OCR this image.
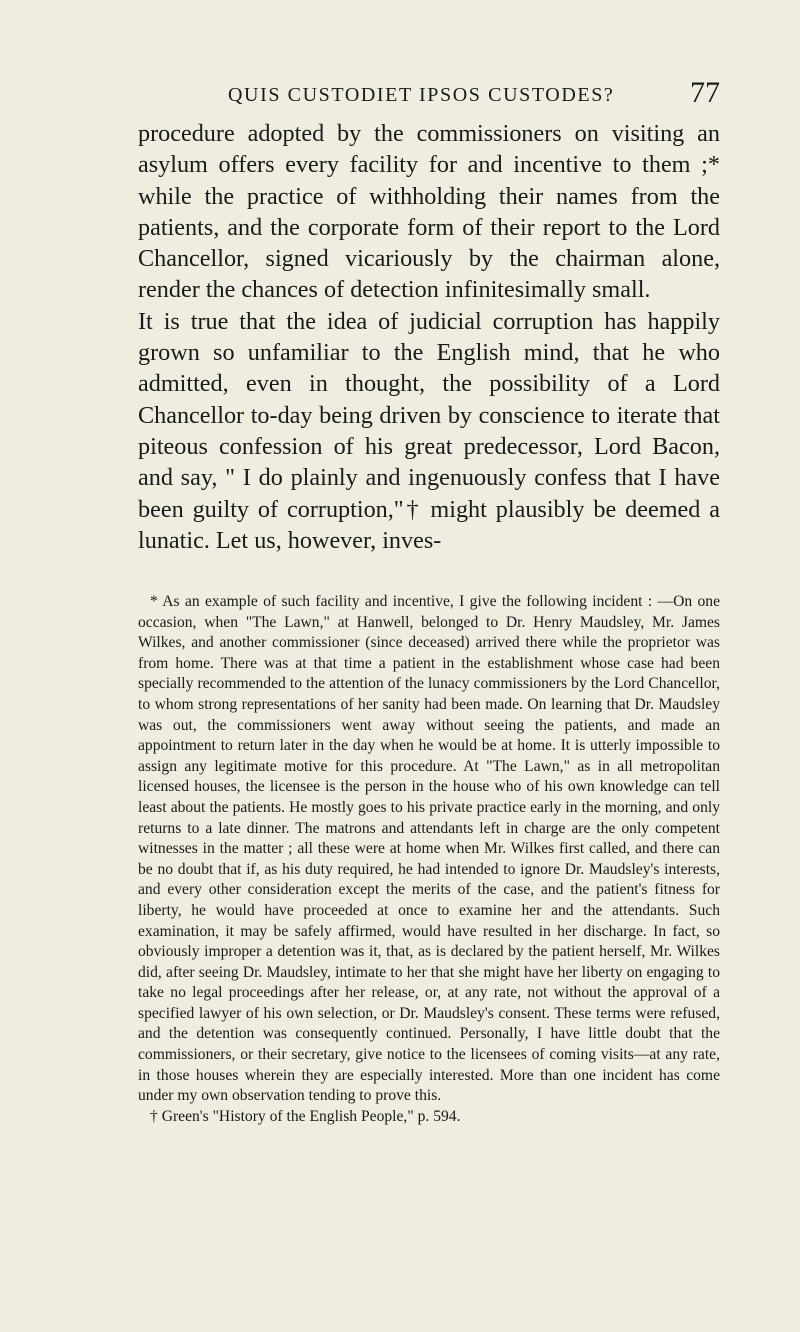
QUIS CUSTODIET IPSOS CUSTODES?	77

procedure adopted by the commissioners on visiting an asylum offers every facility for and incentive to them ;* while the practice of withholding their names from the patients, and the corporate form of their report to the Lord Chancellor, signed vicariously by the chairman alone, render the chances of detection infinitesimally small.

It is true that the idea of judicial corruption has happily grown so unfamiliar to the English mind, that he who admitted, even in thought, the possibility of a Lord Chancellor to-day being driven by conscience to iterate that piteous confession of his great predecessor, Lord Bacon, and say, " I do plainly and ingenuously confess that I have been guilty of corruption,"† might plausibly be deemed a lunatic. Let us, however, inves-

* As an example of such facility and incentive, I give the following incident : —On one occasion, when "The Lawn," at Hanwell, belonged to Dr. Henry Maudsley, Mr. James Wilkes, and another commissioner (since deceased) arrived there while the proprietor was from home. There was at that time a patient in the establishment whose case had been specially recommended to the attention of the lunacy commissioners by the Lord Chancellor, to whom strong representations of her sanity had been made. On learning that Dr. Maudsley was out, the commissioners went away without seeing the patients, and made an appointment to return later in the day when he would be at home. It is utterly impossible to assign any legitimate motive for this procedure. At "The Lawn," as in all metropolitan licensed houses, the licensee is the person in the house who of his own knowledge can tell least about the patients. He mostly goes to his private practice early in the morning, and only returns to a late dinner. The matrons and attendants left in charge are the only competent witnesses in the matter ; all these were at home when Mr. Wilkes first called, and there can be no doubt that if, as his duty required, he had intended to ignore Dr. Maudsley's interests, and every other consideration except the merits of the case, and the patient's fitness for liberty, he would have proceeded at once to examine her and the attendants. Such examination, it may be safely affirmed, would have resulted in her discharge. In fact, so obviously improper a detention was it, that, as is declared by the patient herself, Mr. Wilkes did, after seeing Dr. Maudsley, intimate to her that she might have her liberty on engaging to take no legal proceedings after her release, or, at any rate, not without the approval of a specified lawyer of his own selection, or Dr. Maudsley's consent. These terms were refused, and the detention was consequently continued. Personally, I have little doubt that the commissioners, or their secretary, give notice to the licensees of coming visits—at any rate, in those houses wherein they are especially interested. More than one incident has come under my own observation tending to prove this.

† Green's "History of the English People," p. 594.
